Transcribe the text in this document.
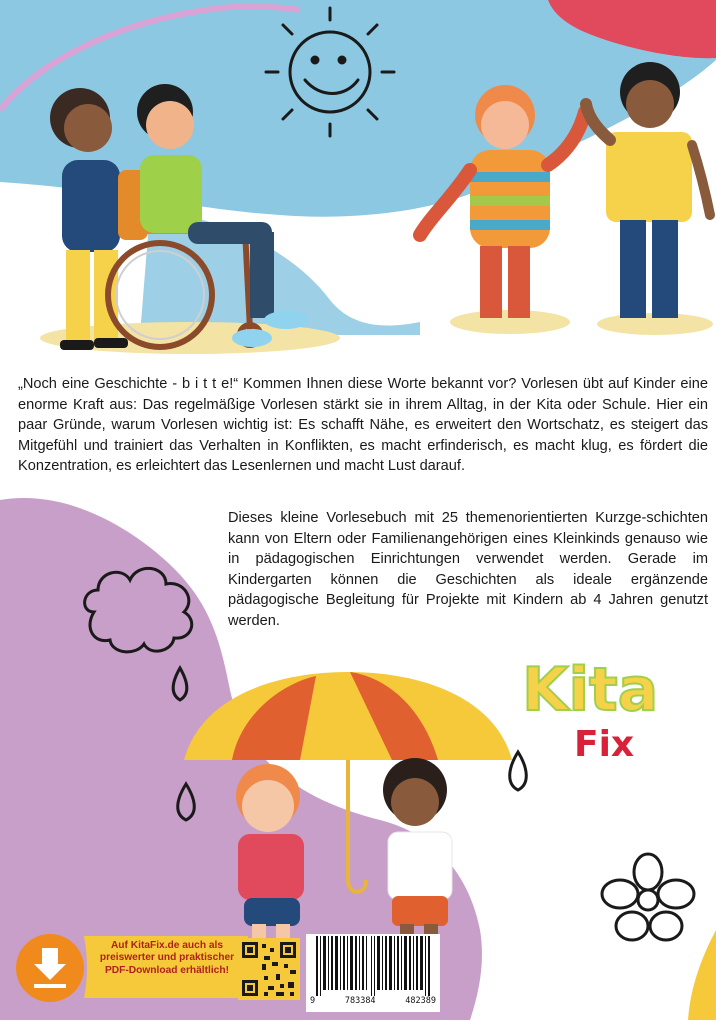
9	783384	482389

„Noch eine Geschichte - b i t t e!“ Kommen Ihnen diese Worte bekannt vor? Vorlesen übt auf Kinder eine enorme Kraft aus: Das regelmäßige Vorlesen stärkt sie in ihrem Alltag, in der Kita oder Schule. Hier ein paar Gründe, warum Vorlesen wichtig ist: Es schafft Nähe, es erweitert den Wortschatz, es steigert das Mitgefühl und trainiert das Verhalten in Konflikten, es macht erfinderisch, es macht klug, es fördert die Konzentration, es erleichtert das Lesenlernen und macht Lust darauf.

Dieses kleine Vorlesebuch mit 25 themenorientierten Kurzge-schichten kann von Eltern oder Familienangehörigen eines Kleinkinds genauso wie in pädagogischen Einrichtungen verwendet werden. Gerade im Kindergarten können die Geschichten als ideale ergänzende pädagogische Begleitung für Projekte mit Kindern ab 4 Jahren genutzt werden.

Kita
Fix
Auf KitaFix.de auch als preiswerter und praktischer PDF-Download erhältlich!
